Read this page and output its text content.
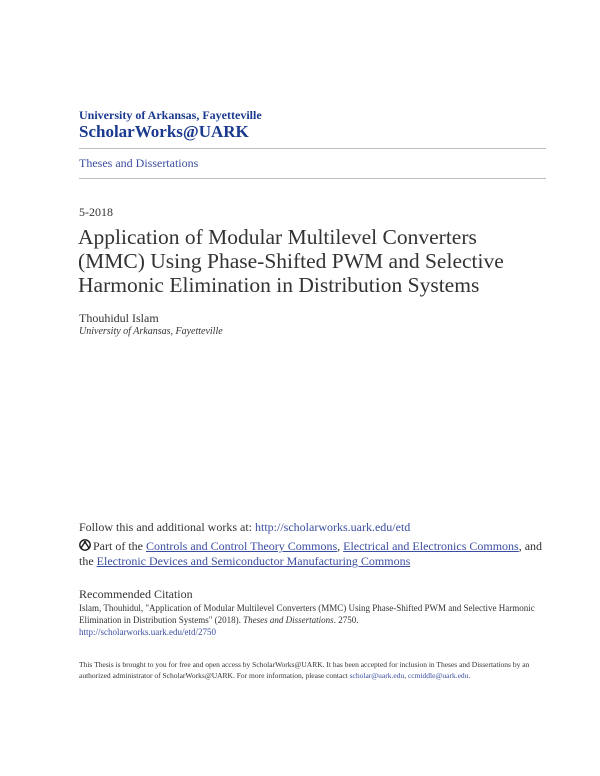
University of Arkansas, Fayetteville
ScholarWorks@UARK
Theses and Dissertations
5-2018
Application of Modular Multilevel Converters (MMC) Using Phase-Shifted PWM and Selective Harmonic Elimination in Distribution Systems
Thouhidul Islam
University of Arkansas, Fayetteville
Follow this and additional works at: http://scholarworks.uark.edu/etd
Part of the Controls and Control Theory Commons, Electrical and Electronics Commons, and the Electronic Devices and Semiconductor Manufacturing Commons
Recommended Citation
Islam, Thouhidul, "Application of Modular Multilevel Converters (MMC) Using Phase-Shifted PWM and Selective Harmonic Elimination in Distribution Systems" (2018). Theses and Dissertations. 2750.
http://scholarworks.uark.edu/etd/2750
This Thesis is brought to you for free and open access by ScholarWorks@UARK. It has been accepted for inclusion in Theses and Dissertations by an authorized administrator of ScholarWorks@UARK. For more information, please contact scholar@uark.edu, ccmiddle@uark.edu.
